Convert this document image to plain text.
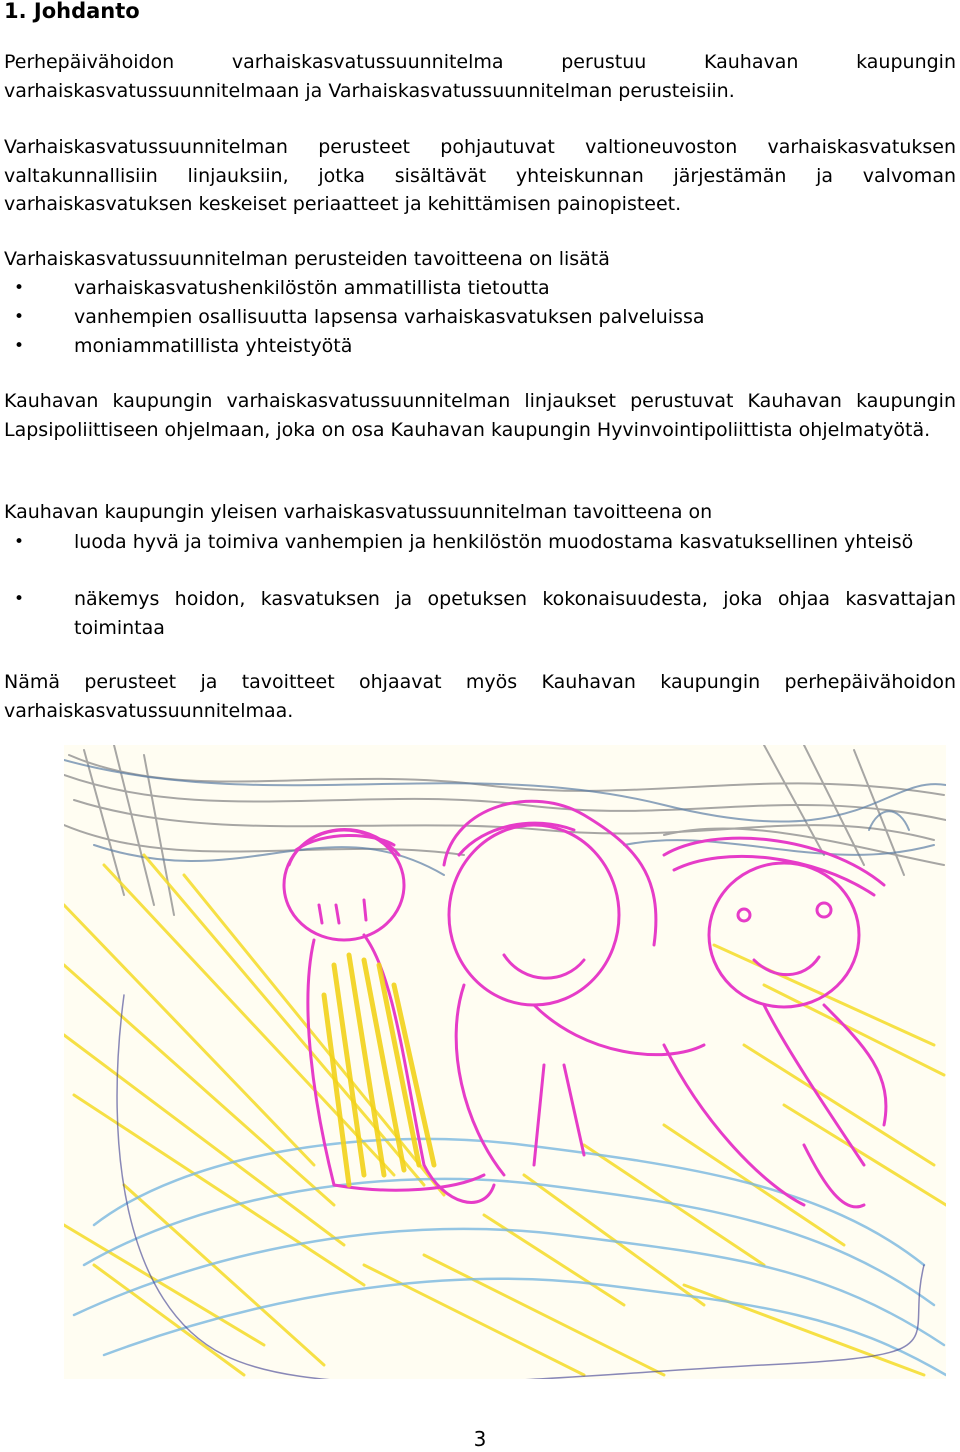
1. Johdanto

Perhepäivähoidon varhaiskasvatussuunnitelma perustuu Kauhavan kaupungin varhaiskasvatussuunnitelmaan ja Varhaiskasvatussuunnitelman perusteisiin.

Varhaiskasvatussuunnitelman perusteet pohjautuvat valtioneuvoston varhaiskasvatuksen valtakunnallisiin linjauksiin, jotka sisältävät yhteiskunnan järjestämän ja valvoman varhaiskasvatuksen keskeiset periaatteet ja kehittämisen painopisteet.

Varhaiskasvatussuunnitelman perusteiden tavoitteena on lisätä

•	varhaiskasvatushenkilöstön ammatillista tietoutta
•	vanhempien osallisuutta lapsensa varhaiskasvatuksen palveluissa
•	moniammatillista yhteistyötä

Kauhavan kaupungin varhaiskasvatussuunnitelman linjaukset perustuvat Kauhavan kaupungin Lapsipoliittiseen ohjelmaan, joka on osa Kauhavan kaupungin Hyvinvointipoliittista ohjelmatyötä.

Kauhavan kaupungin yleisen varhaiskasvatussuunnitelman tavoitteena on

•	luoda hyvä ja toimiva vanhempien ja henkilöstön muodostama kasvatuksellinen yhteisö
•	näkemys hoidon, kasvatuksen ja opetuksen kokonaisuudesta, joka ohjaa kasvattajan toimintaa

Nämä perusteet ja tavoitteet ohjaavat myös Kauhavan kaupungin perhepäivähoidon varhaiskasvatussuunnitelmaa.

3
